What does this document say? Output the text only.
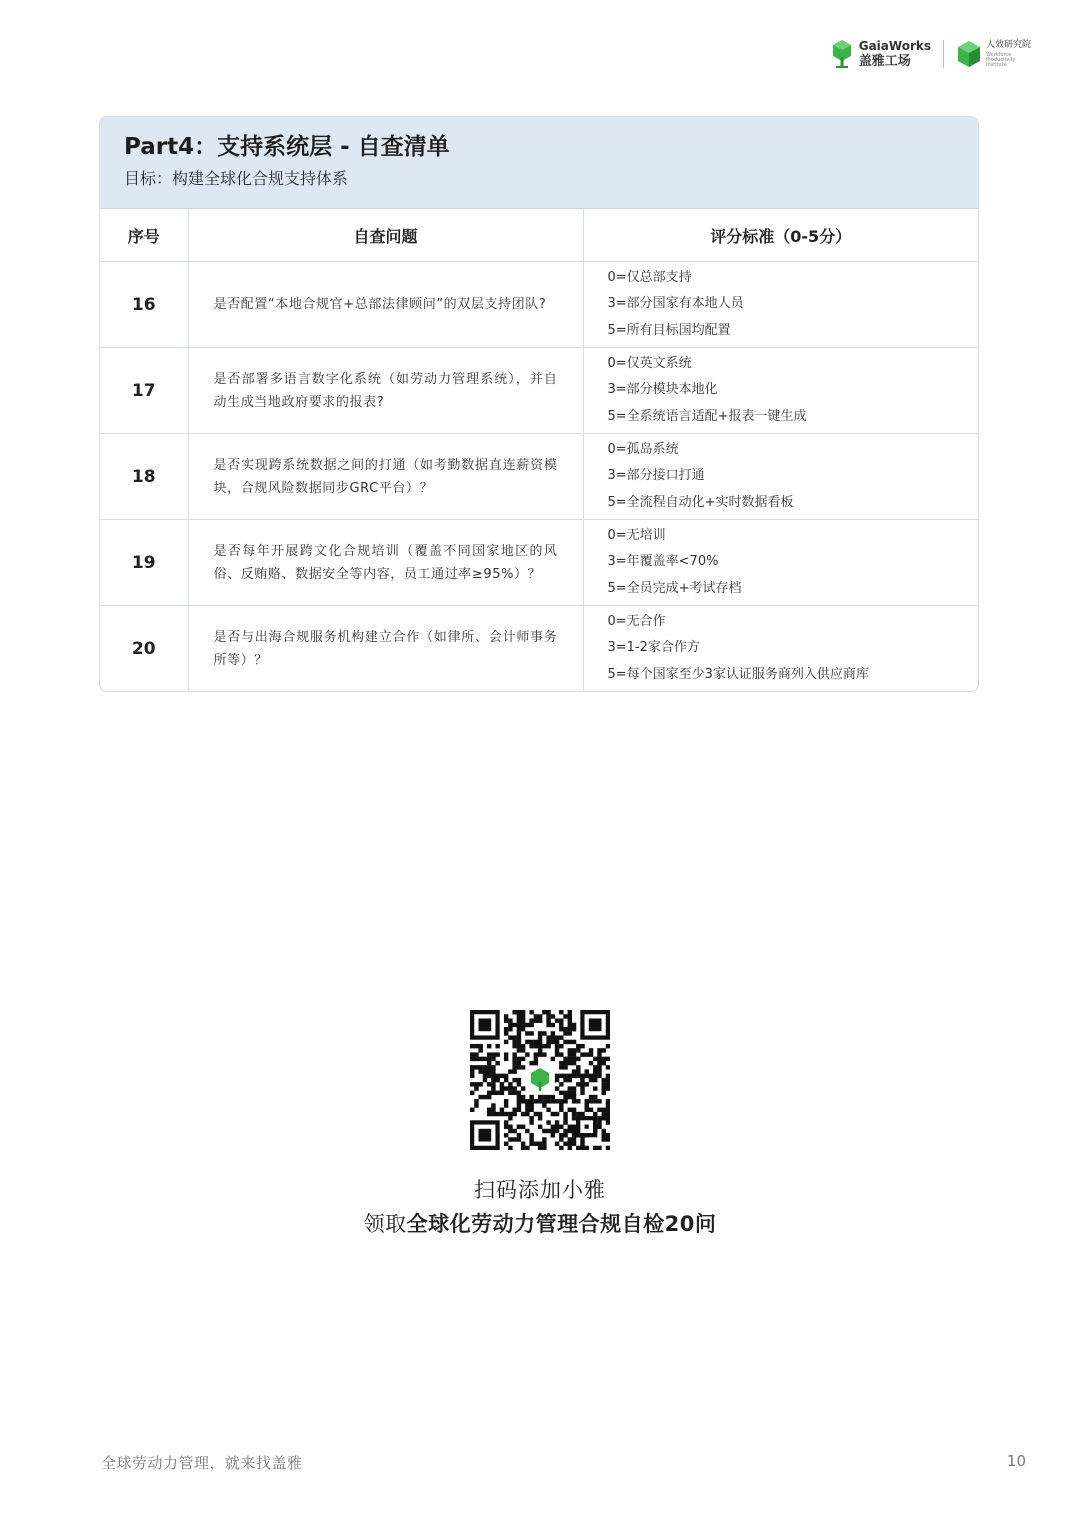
GaiaWorks
盖雅工场
人效研究院
Workforce Productivity Institute
Part4：支持系统层 - 自查清单
目标：构建全球化合规支持体系
序号	自查问题	评分标准（0-5分）
16	是否配置“本地合规官+总部法律顾问”的双层支持团队?	0=仅总部支持
3=部分国家有本地人员
5=所有目标国均配置

17	是否部署多语言数字化系统（如劳动力管理系统），并自动生成当地政府要求的报表?	0=仅英文系统
3=部分模块本地化
5=全系统语言适配+报表一键生成

18	是否实现跨系统数据之间的打通（如考勤数据直连薪资模块，合规风险数据同步GRC平台）？	0=孤岛系统
3=部分接口打通
5=全流程自动化+实时数据看板

19	是否每年开展跨文化合规培训（覆盖不同国家地区的风俗、反贿赂、数据安全等内容，员工通过率≥95%）？	0=无培训
3=年覆盖率<70%
5=全员完成+考试存档

20	是否与出海合规服务机构建立合作（如律所、会计师事务所等）？	0=无合作
3=1-2家合作方
5=每个国家至少3家认证服务商列入供应商库
扫码添加小雅
领取全球化劳动力管理合规自检20问
全球劳动力管理，就来找盖雅	10
